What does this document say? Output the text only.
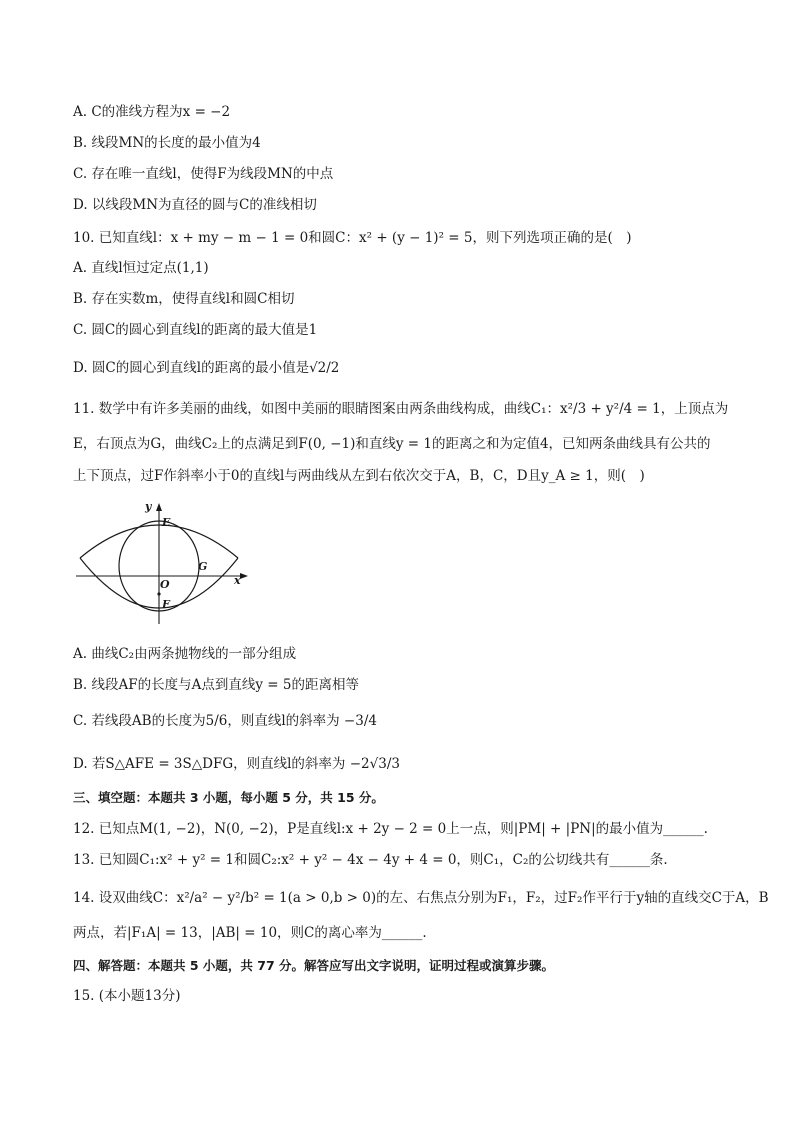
A. C的准线方程为x = −2
B. 线段MN的长度的最小值为4
C. 存在唯一直线l，使得F为线段MN的中点
D. 以线段MN为直径的圆与C的准线相切
10. 已知直线l：x + my − m − 1 = 0和圆C：x² + (y − 1)² = 5，则下列选项正确的是(　)
A. 直线l恒过定点(1,1)
B. 存在实数m，使得直线l和圆C相切
C. 圆C的圆心到直线l的距离的最大值是1
D. 圆C的圆心到直线l的距离的最小值是√2/2
11. 数学中有许多美丽的曲线，如图中美丽的眼睛图案由两条曲线构成，曲线C₁：x²/3 + y²/4 = 1，上顶点为
E，右顶点为G，曲线C₂上的点满足到F(0, −1)和直线y = 1的距离之和为定值4，已知两条曲线具有公共的
上下顶点，过F作斜率小于0的直线l与两曲线从左到右依次交于A，B，C，D且y_A ≥ 1，则(　)
y
E
G
O
F
x
A. 曲线C₂由两条抛物线的一部分组成
B. 线段AF的长度与A点到直线y = 5的距离相等
C. 若线段AB的长度为5/6，则直线l的斜率为 −3/4
D. 若S△AFE = 3S△DFG，则直线l的斜率为 −2√3/3
三、填空题：本题共 3 小题，每小题 5 分，共 15 分。
12. 已知点M(1, −2)，N(0, −2)，P是直线l:x + 2y − 2 = 0上一点，则|PM| + |PN|的最小值为______.
13. 已知圆C₁:x² + y² = 1和圆C₂:x² + y² − 4x − 4y + 4 = 0，则C₁，C₂的公切线共有______条.
14. 设双曲线C：x²/a² − y²/b² = 1(a > 0,b > 0)的左、右焦点分别为F₁，F₂，过F₂作平行于y轴的直线交C于A，B
两点，若|F₁A| = 13，|AB| = 10，则C的离心率为______.
四、解答题：本题共 5 小题，共 77 分。解答应写出文字说明，证明过程或演算步骤。
15. (本小题13分)
